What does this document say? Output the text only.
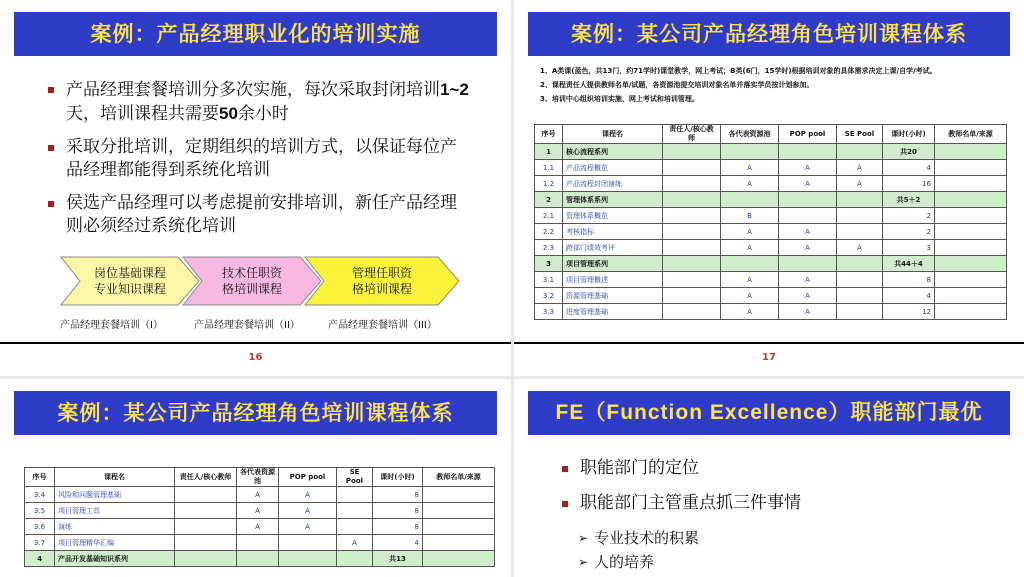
案例：产品经理职业化的培训实施
产品经理套餐培训分多次实施，每次采取封闭培训1~2天，培训课程共需要50余小时
采取分批培训，定期组织的培训方式，以保证每位产品经理都能得到系统化培训
侯选产品经理可以考虑提前安排培训，新任产品经理则必须经过系统化培训
岗位基础课程
专业知识课程
技术任职资
格培训课程
管理任职资
格培训课程
产品经理套餐培训（I）	产品经理套餐培训（II）	产品经理套餐培训（III）
16
案例：某公司产品经理角色培训课程体系

1、A类课(蓝色，共13门，约71学时)课堂教学，网上考试；B类(6门，15学时)根据培训对象的具体需求决定上课/自学/考试。

2、课程责任人提供教师名单/试题，各资源池提交培训对象名单并落实学员按计划参加。

3、培训中心组织培训实施、网上考试和培训管理。

17
案例：某公司产品经理角色培训课程体系	FE（Function Excellence）职能部门最优
职能部门的定位
职能部门主管重点抓三件事情
➢ 专业技术的积累
➢ 人的培养
序号	课程名	责任人/核心教师	各代表资源池	POP pool	SE Pool	课时(小时)	教师名单/来源
1	核心流程系列					共20	
1.1	产品流程概览		A	A	A	4	
1.2	产品流程封闭演练		A	A	A	16	
2	管理体系系列					共5＋2	
2.1	管理体系概览		B			2	
2.2	考核指标		A	A		2	
2.3	跨部门绩效考评		A	A	A	3	
3	项目管理系列					共44＋4	
3.1	项目管理概述		A	A		8	
3.2	资源管理基础		A	A		4	
3.3	进度管理基础		A	A		12	
序号	课程名	责任人/核心教师	各代表资源池	POP pool	SE Pool	课时(小时)	教师名单/来源
3.4	风险和问题管理基础		A	A		8	
3.5	项目管理工具		A	A		8	
3.6	演练		A	A		8	
3.7	项目管理精华汇编				A	4	
4	产品开发基础知识系列					共13	
